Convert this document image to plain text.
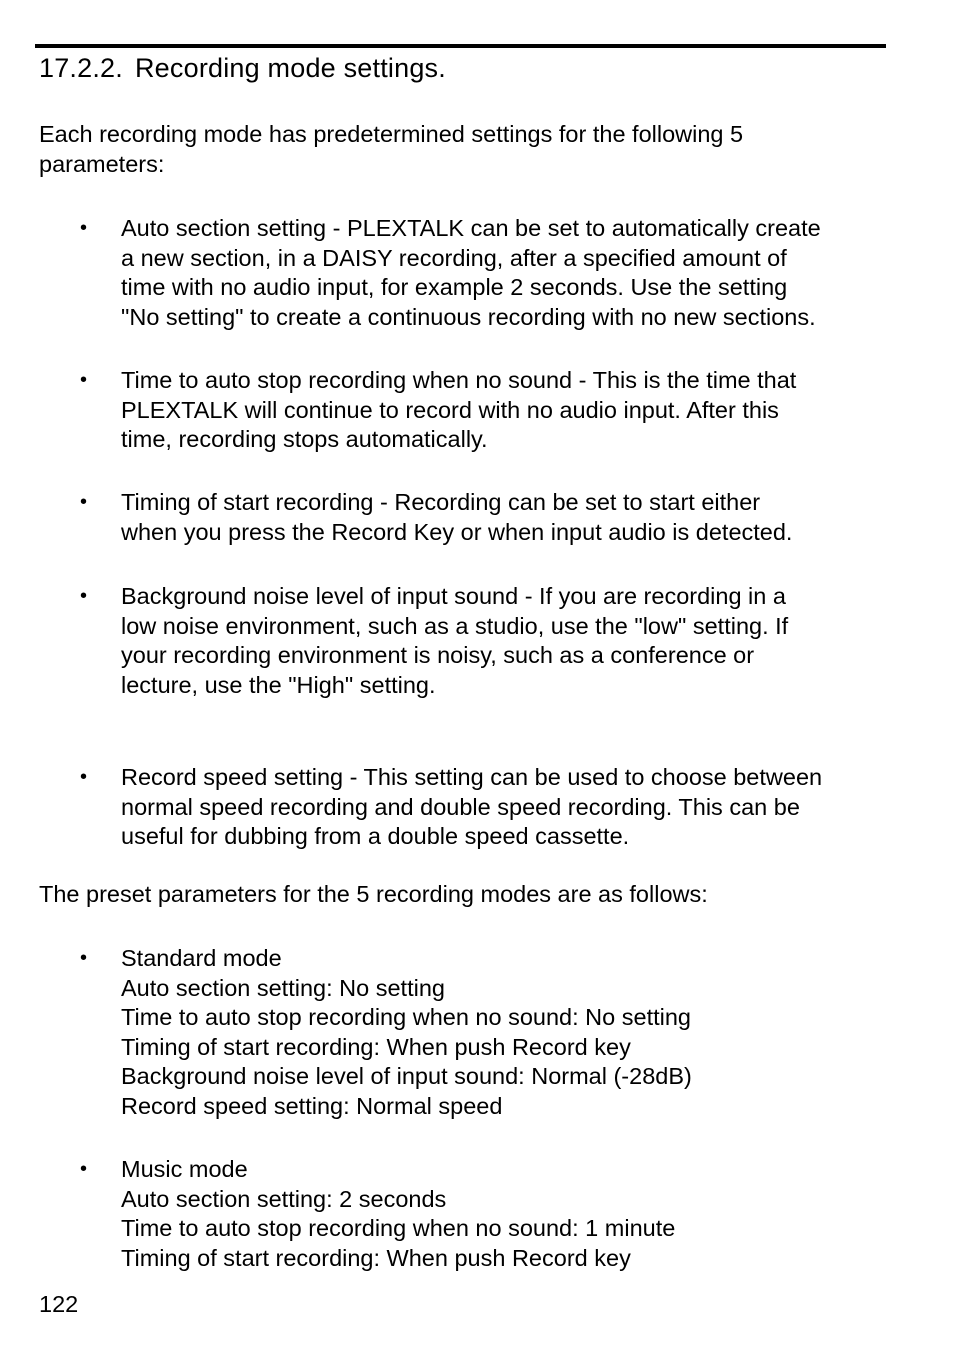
17.2.2. Recording mode settings.
Each recording mode has predetermined settings for the following 5
parameters:
• Auto section setting - PLEXTALK can be set to automatically create
a new section, in a DAISY recording, after a specified amount of
time with no audio input, for example 2 seconds. Use the setting
"No setting" to create a continuous recording with no new sections.
• Time to auto stop recording when no sound - This is the time that
PLEXTALK will continue to record with no audio input. After this
time, recording stops automatically.
• Timing of start recording - Recording can be set to start either
when you press the Record Key or when input audio is detected.
• Background noise level of input sound - If you are recording in a
low noise environment, such as a studio, use the "low" setting. If
your recording environment is noisy, such as a conference or
lecture, use the "High" setting.
• Record speed setting - This setting can be used to choose between
normal speed recording and double speed recording. This can be
useful for dubbing from a double speed cassette.
The preset parameters for the 5 recording modes are as follows:
• Standard mode
Auto section setting: No setting
Time to auto stop recording when no sound: No setting
Timing of start recording: When push Record key
Background noise level of input sound: Normal (-28dB)
Record speed setting: Normal speed
• Music mode
Auto section setting: 2 seconds
Time to auto stop recording when no sound: 1 minute
Timing of start recording: When push Record key
122
